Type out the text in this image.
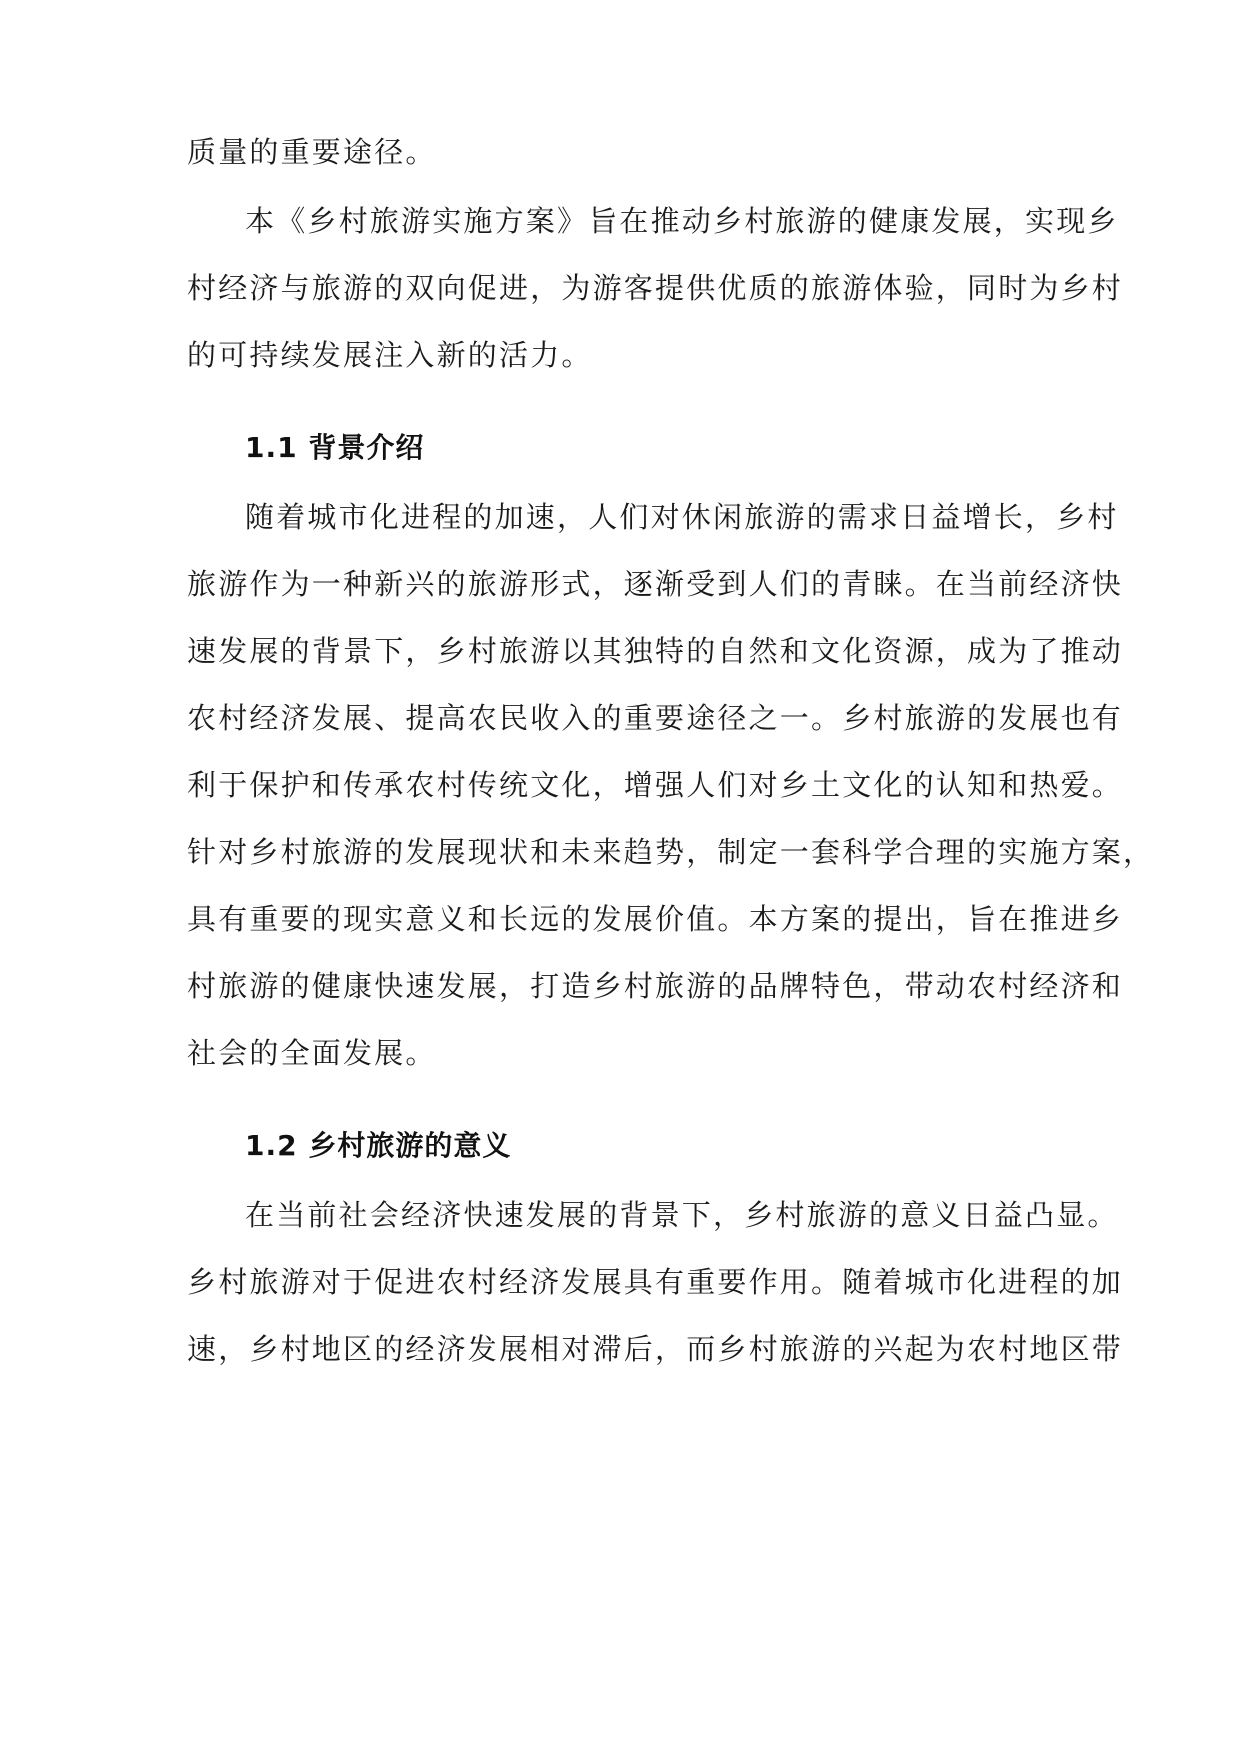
质量的重要途径。
本《乡村旅游实施方案》旨在推动乡村旅游的健康发展，实现乡
村经济与旅游的双向促进，为游客提供优质的旅游体验，同时为乡村
的可持续发展注入新的活力。
1.1 背景介绍
随着城市化进程的加速，人们对休闲旅游的需求日益增长，乡村
旅游作为一种新兴的旅游形式，逐渐受到人们的青睐。在当前经济快
速发展的背景下，乡村旅游以其独特的自然和文化资源，成为了推动
农村经济发展、提高农民收入的重要途径之一。乡村旅游的发展也有
利于保护和传承农村传统文化，增强人们对乡土文化的认知和热爱。
针对乡村旅游的发展现状和未来趋势，制定一套科学合理的实施方案，
具有重要的现实意义和长远的发展价值。本方案的提出，旨在推进乡
村旅游的健康快速发展，打造乡村旅游的品牌特色，带动农村经济和
社会的全面发展。
1.2 乡村旅游的意义
在当前社会经济快速发展的背景下，乡村旅游的意义日益凸显。
乡村旅游对于促进农村经济发展具有重要作用。随着城市化进程的加
速，乡村地区的经济发展相对滞后，而乡村旅游的兴起为农村地区带
